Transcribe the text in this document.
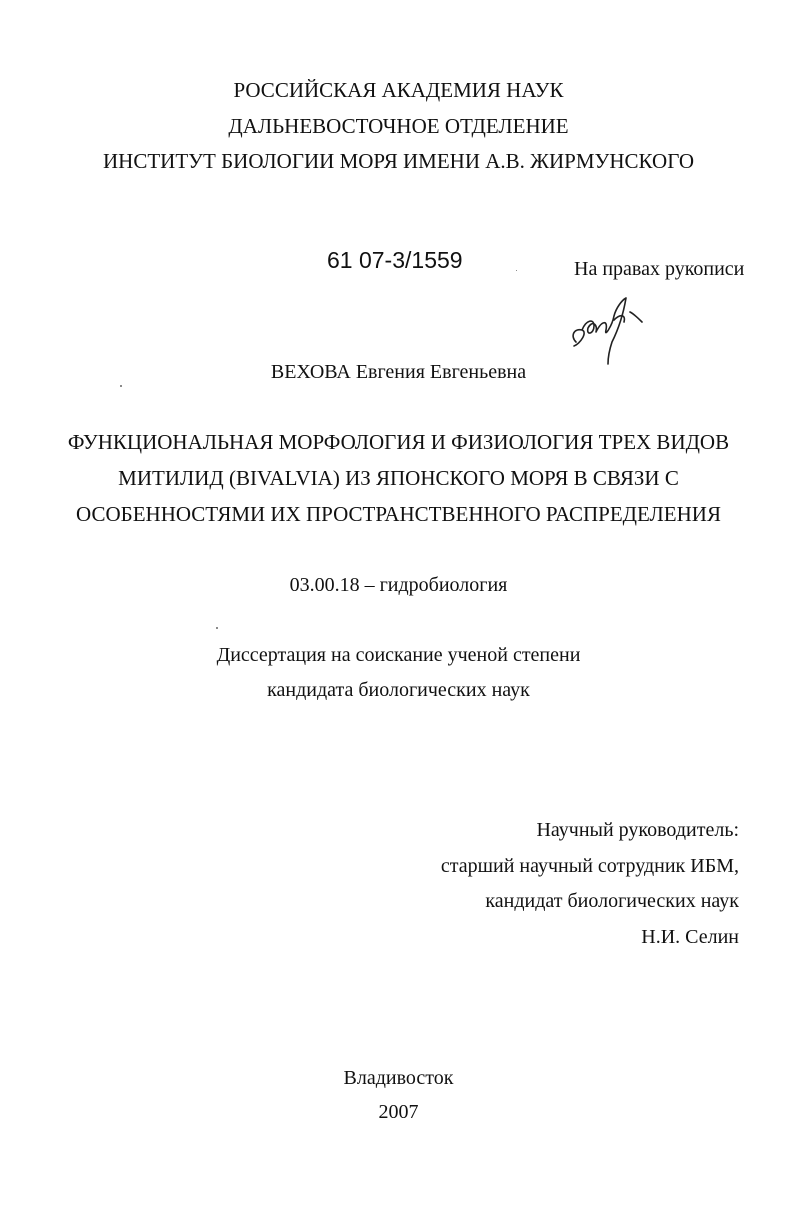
РОССИЙСКАЯ АКАДЕМИЯ НАУК
ДАЛЬНЕВОСТОЧНОЕ ОТДЕЛЕНИЕ
ИНСТИТУТ БИОЛОГИИ МОРЯ ИМЕНИ А.В. ЖИРМУНСКОГО
61 07-3/1559	На правах рукописи
ВЕХОВА Евгения Евгеньевна
ФУНКЦИОНАЛЬНАЯ МОРФОЛОГИЯ И ФИЗИОЛОГИЯ ТРЕХ ВИДОВ
МИТИЛИД (BIVALVIA) ИЗ ЯПОНСКОГО МОРЯ В СВЯЗИ С
ОСОБЕННОСТЯМИ ИХ ПРОСТРАНСТВЕННОГО РАСПРЕДЕЛЕНИЯ
03.00.18 – гидробиология
Диссертация на соискание ученой степени
кандидата биологических наук
Научный руководитель:
старший научный сотрудник ИБМ,
кандидат биологических наук
Н.И. Селин
Владивосток
2007
